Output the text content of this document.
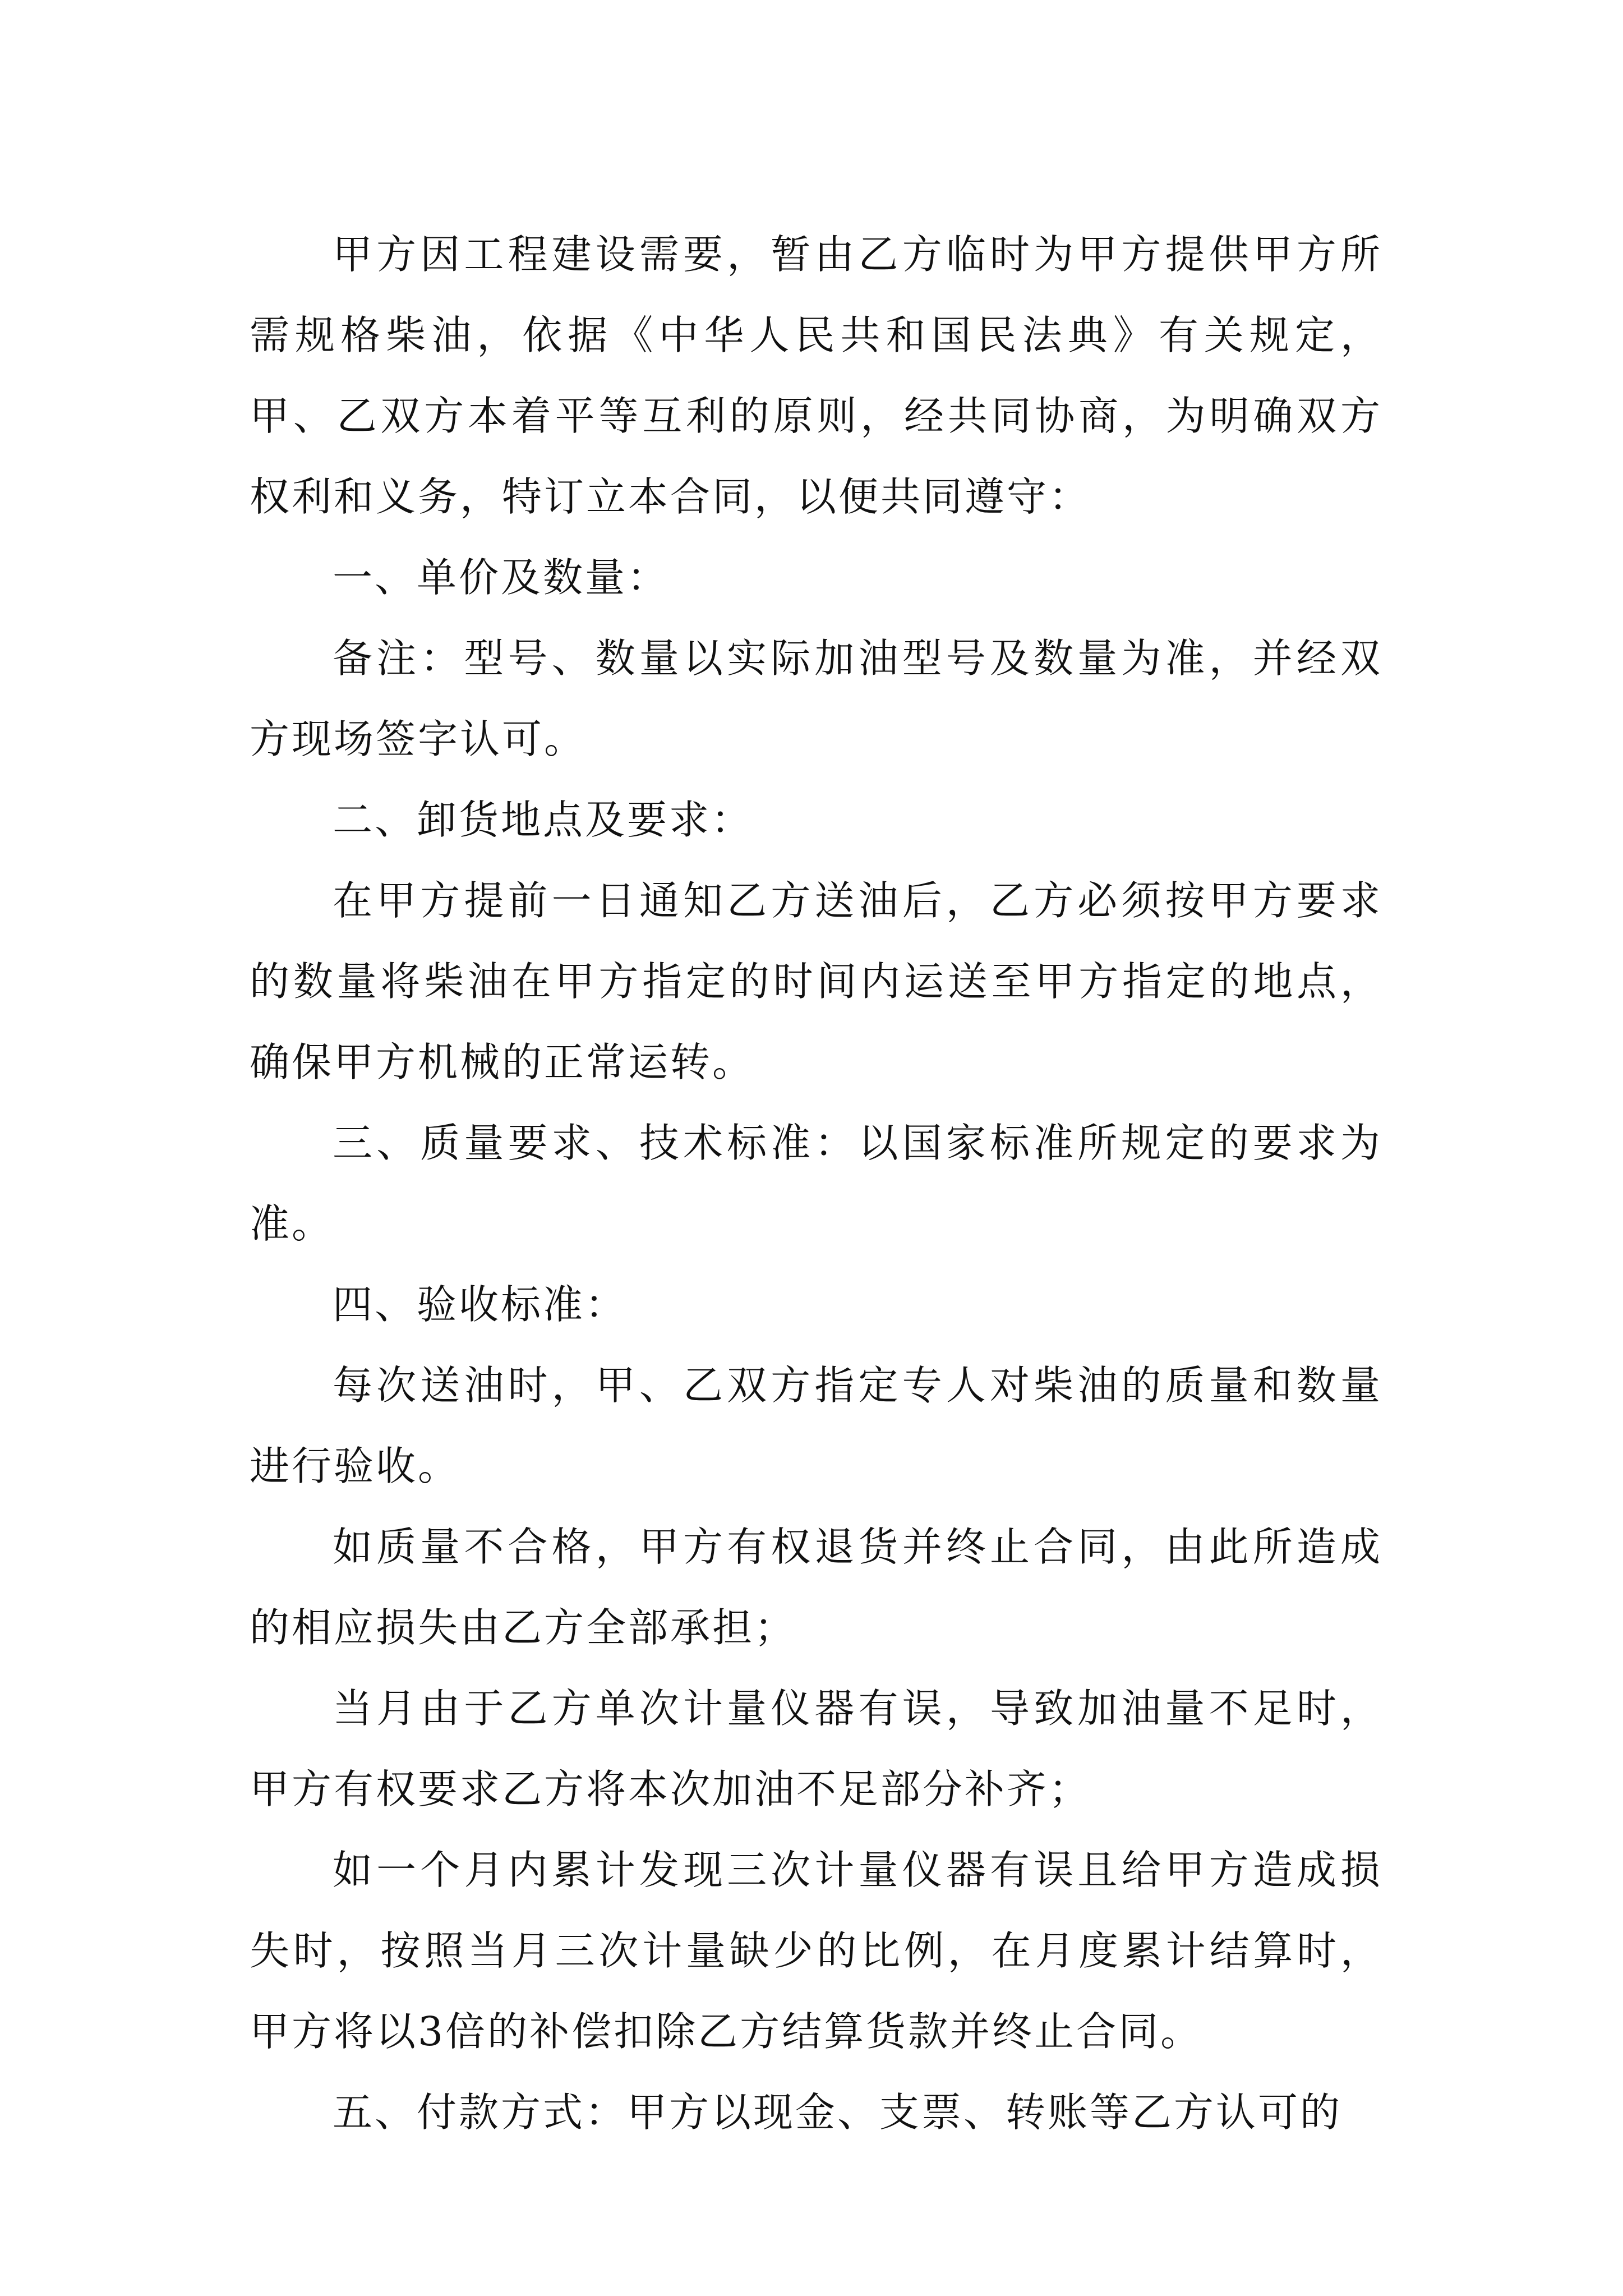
甲方因工程建设需要，暂由乙方临时为甲方提供甲方所需规格柴油，依据《中华人民共和国民法典》有关规定，甲、乙双方本着平等互利的原则，经共同协商，为明确双方权利和义务，特订立本合同，以便共同遵守：

一、单价及数量：

备注：型号、数量以实际加油型号及数量为准，并经双方现场签字认可。

二、卸货地点及要求：

在甲方提前一日通知乙方送油后，乙方必须按甲方要求的数量将柴油在甲方指定的时间内运送至甲方指定的地点，确保甲方机械的正常运转。

三、质量要求、技术标准：以国家标准所规定的要求为准。

四、验收标准：

每次送油时，甲、乙双方指定专人对柴油的质量和数量进行验收。

如质量不合格，甲方有权退货并终止合同，由此所造成的相应损失由乙方全部承担；

当月由于乙方单次计量仪器有误，导致加油量不足时，甲方有权要求乙方将本次加油不足部分补齐；

如一个月内累计发现三次计量仪器有误且给甲方造成损失时，按照当月三次计量缺少的比例，在月度累计结算时，甲方将以3倍的补偿扣除乙方结算货款并终止合同。

五、付款方式：甲方以现金、支票、转账等乙方认可的
